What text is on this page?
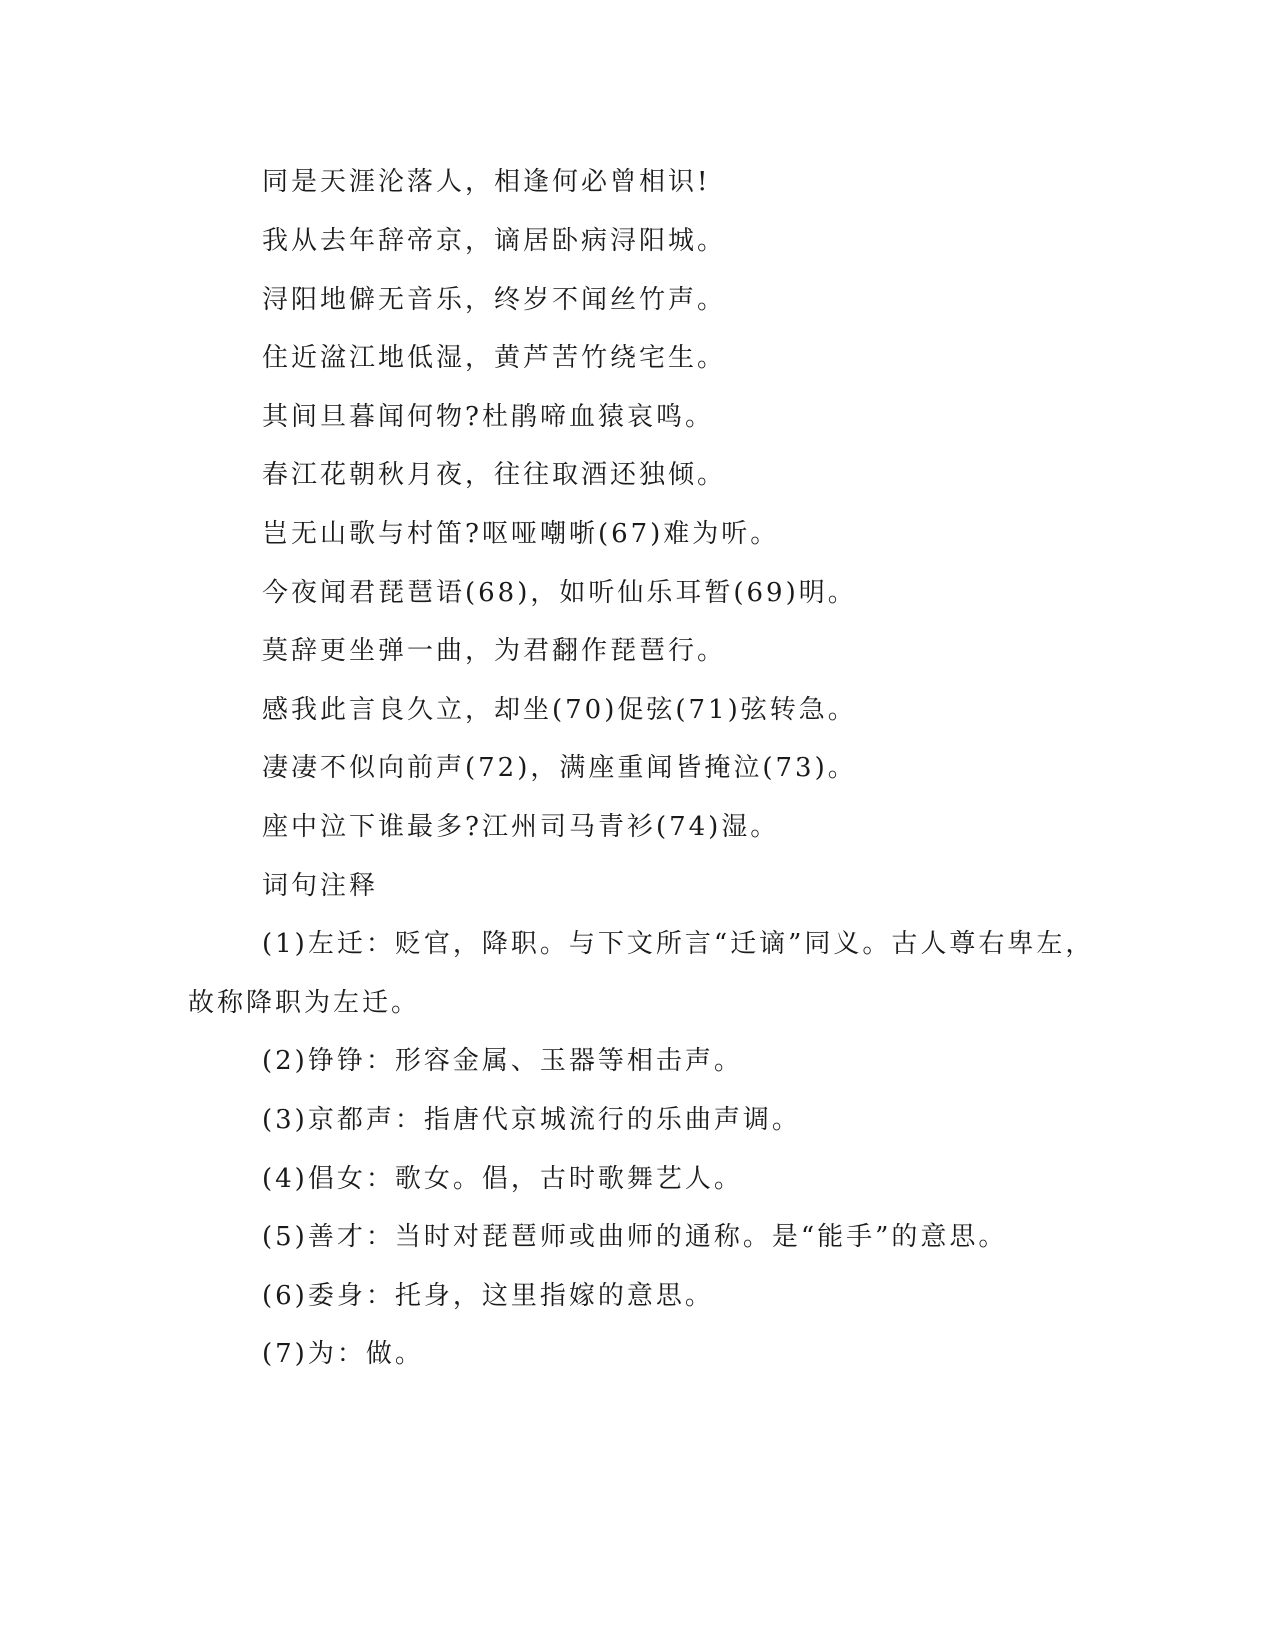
同是天涯沦落人，相逢何必曾相识!
我从去年辞帝京，谪居卧病浔阳城。
浔阳地僻无音乐，终岁不闻丝竹声。
住近湓江地低湿，黄芦苦竹绕宅生。
其间旦暮闻何物?杜鹃啼血猿哀鸣。
春江花朝秋月夜，往往取酒还独倾。
岂无山歌与村笛?呕哑嘲哳(67)难为听。
今夜闻君琵琶语(68)，如听仙乐耳暂(69)明。
莫辞更坐弹一曲，为君翻作琵琶行。
感我此言良久立，却坐(70)促弦(71)弦转急。
凄凄不似向前声(72)，满座重闻皆掩泣(73)。
座中泣下谁最多?江州司马青衫(74)湿。
词句注释
(1)左迁：贬官，降职。与下文所言“迁谪”同义。古人尊右卑左，
故称降职为左迁。
(2)铮铮：形容金属、玉器等相击声。
(3)京都声：指唐代京城流行的乐曲声调。
(4)倡女：歌女。倡，古时歌舞艺人。
(5)善才：当时对琵琶师或曲师的通称。是“能手”的意思。
(6)委身：托身，这里指嫁的意思。
(7)为：做。
